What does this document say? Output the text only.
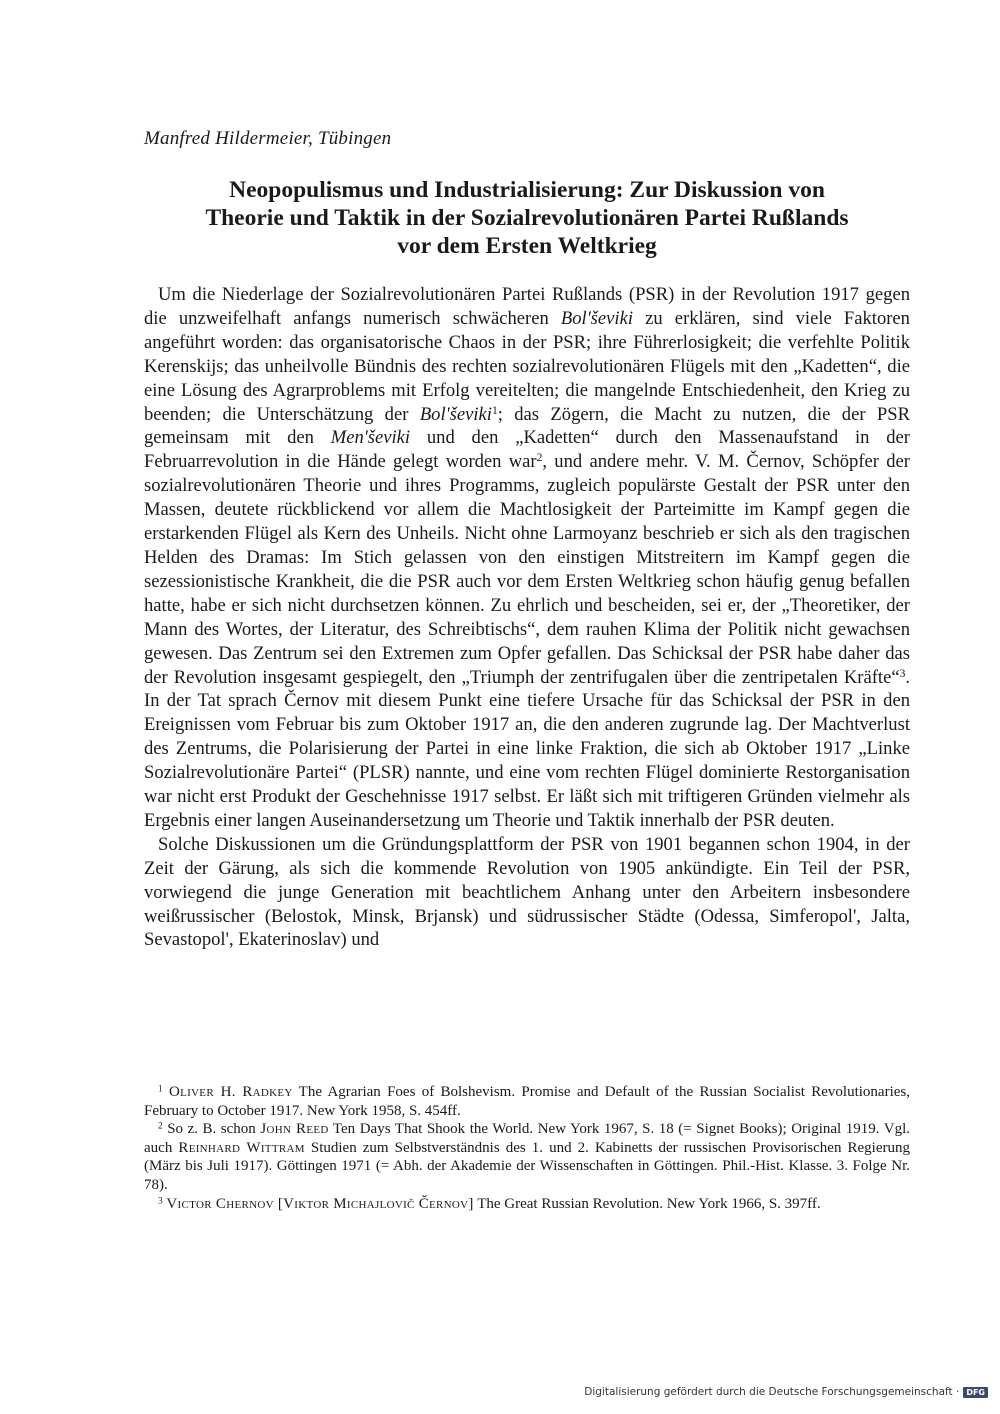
Manfred Hildermeier, Tübingen
Neopopulismus und Industrialisierung: Zur Diskussion von
Theorie und Taktik in der Sozialrevolutionären Partei Rußlands
vor dem Ersten Weltkrieg

Um die Niederlage der Sozialrevolutionären Partei Rußlands (PSR) in der Revolution 1917 gegen die unzweifelhaft anfangs numerisch schwächeren Bol'ševiki zu erklären, sind viele Faktoren angeführt worden: das organisatorische Chaos in der PSR; ihre Führerlosigkeit; die verfehlte Politik Kerenskijs; das unheilvolle Bündnis des rechten sozialrevolutionären Flügels mit den „Kadetten“, die eine Lösung des Agrarproblems mit Erfolg vereitelten; die mangelnde Entschiedenheit, den Krieg zu beenden; die Unterschätzung der Bol'ševiki$^1$; das Zögern, die Macht zu nutzen, die der PSR gemeinsam mit den Men'ševiki und den „Kadetten“ durch den Massenaufstand in der Februarrevolution in die Hände gelegt worden war$^2$, und andere mehr. V. M. Černov, Schöpfer der sozialrevolutionären Theorie und ihres Programms, zugleich populärste Gestalt der PSR unter den Massen, deutete rückblickend vor allem die Machtlosigkeit der Parteimitte im Kampf gegen die erstarkenden Flügel als Kern des Unheils. Nicht ohne Larmoyanz beschrieb er sich als den tragischen Helden des Dramas: Im Stich gelassen von den einstigen Mitstreitern im Kampf gegen die sezessionistische Krankheit, die die PSR auch vor dem Ersten Weltkrieg schon häufig genug befallen hatte, habe er sich nicht durchsetzen können. Zu ehrlich und bescheiden, sei er, der „Theoretiker, der Mann des Wortes, der Literatur, des Schreibtischs“, dem rauhen Klima der Politik nicht gewachsen gewesen. Das Zentrum sei den Extremen zum Opfer gefallen. Das Schicksal der PSR habe daher das der Revolution insgesamt gespiegelt, den „Triumph der zentrifugalen über die zentripetalen Kräfte“$^3$. In der Tat sprach Černov mit diesem Punkt eine tiefere Ursache für das Schicksal der PSR in den Ereignissen vom Februar bis zum Oktober 1917 an, die den anderen zugrunde lag. Der Machtverlust des Zentrums, die Polarisierung der Partei in eine linke Fraktion, die sich ab Oktober 1917 „Linke Sozialrevolutionäre Partei“ (PLSR) nannte, und eine vom rechten Flügel dominierte Restorganisation war nicht erst Produkt der Geschehnisse 1917 selbst. Er läßt sich mit triftigeren Gründen vielmehr als Ergebnis einer langen Auseinandersetzung um Theorie und Taktik innerhalb der PSR deuten.

Solche Diskussionen um die Gründungsplattform der PSR von 1901 begannen schon 1904, in der Zeit der Gärung, als sich die kommende Revolution von 1905 ankündigte. Ein Teil der PSR, vorwiegend die junge Generation mit beachtlichem Anhang unter den Arbeitern insbesondere weißrussischer (Belostok, Minsk, Brjansk) und südrussischer Städte (Odessa, Simferopol', Jalta, Sevastopol', Ekaterinoslav) und

$^1$ Oliver H. Radkey The Agrarian Foes of Bolshevism. Promise and Default of the Russian Socialist Revolutionaries, February to October 1917. New York 1958, S. 454ff.

$^2$ So z. B. schon John Reed Ten Days That Shook the World. New York 1967, S. 18 (= Signet Books); Original 1919. Vgl. auch Reinhard Wittram Studien zum Selbstverständnis des 1. und 2. Kabinetts der russischen Provisorischen Regierung (März bis Juli 1917). Göttingen 1971 (= Abh. der Akademie der Wissenschaften in Göttingen. Phil.-Hist. Klasse. 3. Folge Nr. 78).

$^3$ Victor Chernov [Viktor Michajlovič Černov] The Great Russian Revolution. New York 1966, S. 397ff.

Digitalisierung gefördert durch die Deutsche Forschungsgemeinschaft · DFG
